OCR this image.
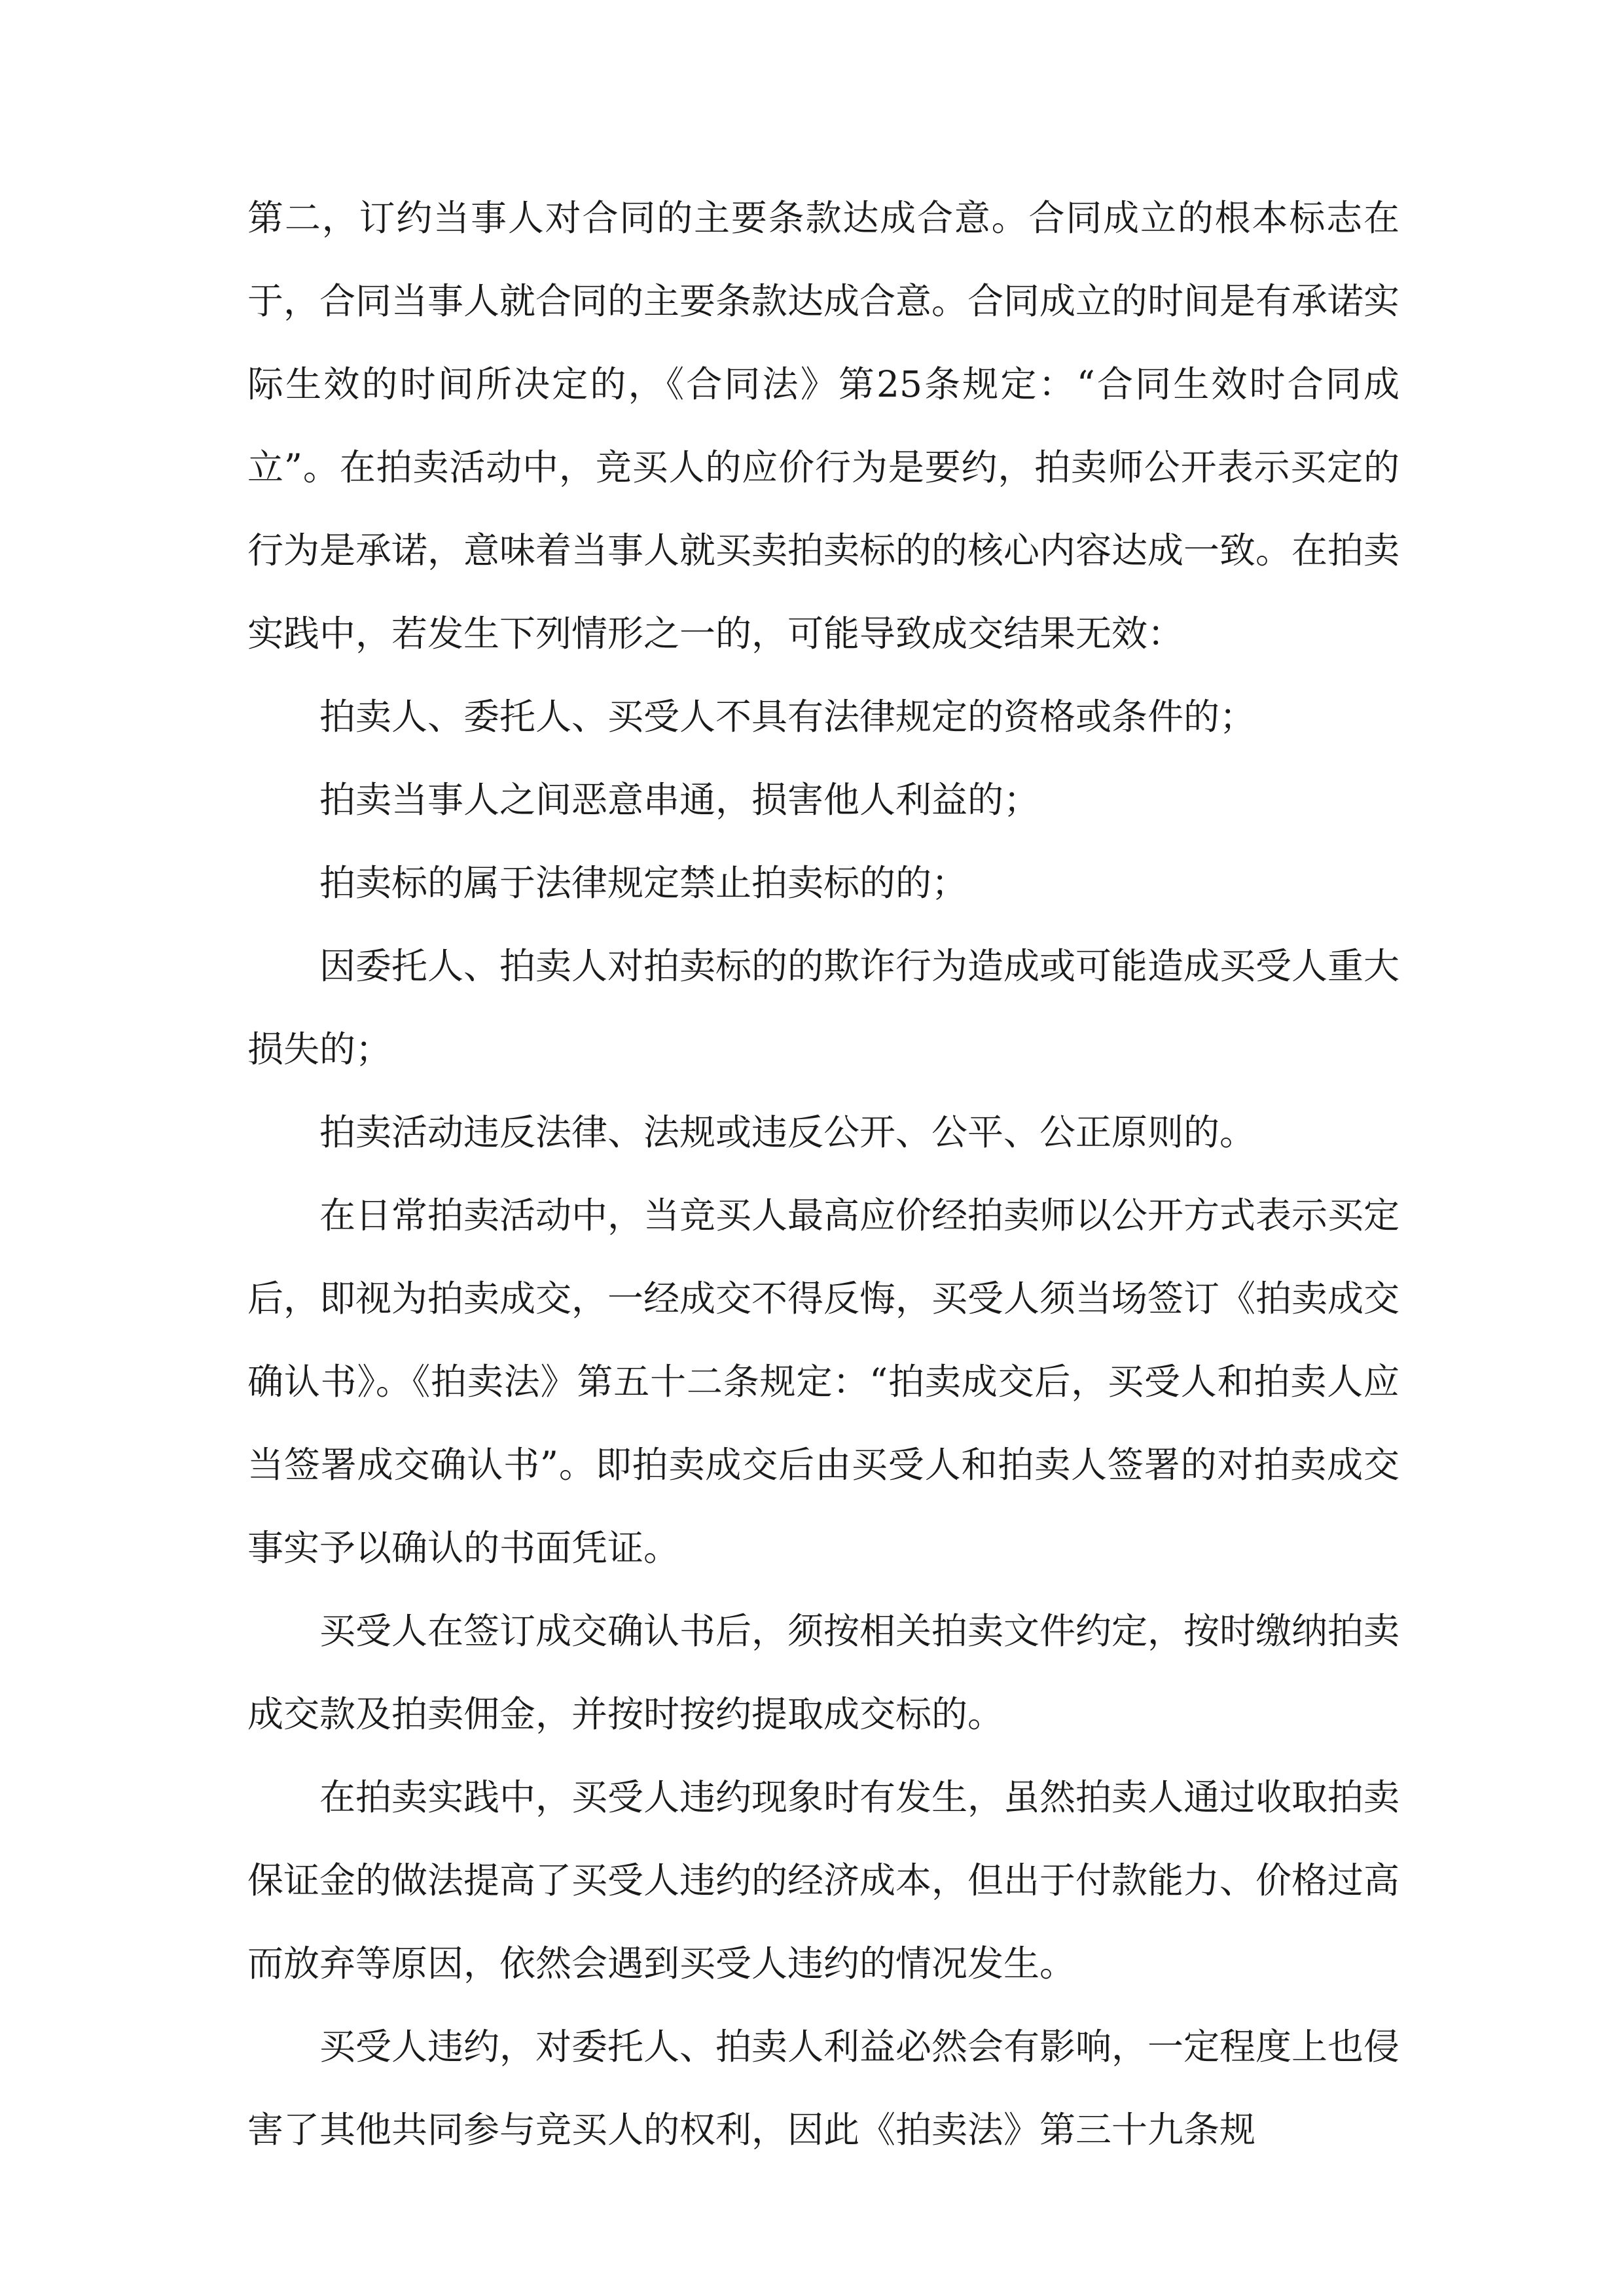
第二，订约当事人对合同的主要条款达成合意。合同成立的根本标志在于，合同当事人就合同的主要条款达成合意。合同成立的时间是有承诺实际生效的时间所决定的，《合同法》第25条规定：“合同生效时合同成立”。在拍卖活动中，竞买人的应价行为是要约，拍卖师公开表示买定的行为是承诺，意味着当事人就买卖拍卖标的的核心内容达成一致。在拍卖实践中，若发生下列情形之一的，可能导致成交结果无效：

拍卖人、委托人、买受人不具有法律规定的资格或条件的；

拍卖当事人之间恶意串通，损害他人利益的；

拍卖标的属于法律规定禁止拍卖标的的；

因委托人、拍卖人对拍卖标的的欺诈行为造成或可能造成买受人重大损失的；

拍卖活动违反法律、法规或违反公开、公平、公正原则的。

在日常拍卖活动中，当竞买人最高应价经拍卖师以公开方式表示买定后，即视为拍卖成交，一经成交不得反悔，买受人须当场签订《拍卖成交确认书》。《拍卖法》第五十二条规定：“拍卖成交后，买受人和拍卖人应当签署成交确认书”。即拍卖成交后由买受人和拍卖人签署的对拍卖成交事实予以确认的书面凭证。

买受人在签订成交确认书后，须按相关拍卖文件约定，按时缴纳拍卖成交款及拍卖佣金，并按时按约提取成交标的。

在拍卖实践中，买受人违约现象时有发生，虽然拍卖人通过收取拍卖保证金的做法提高了买受人违约的经济成本，但出于付款能力、价格过高而放弃等原因，依然会遇到买受人违约的情况发生。

买受人违约，对委托人、拍卖人利益必然会有影响，一定程度上也侵害了其他共同参与竞买人的权利，因此《拍卖法》第三十九条规
